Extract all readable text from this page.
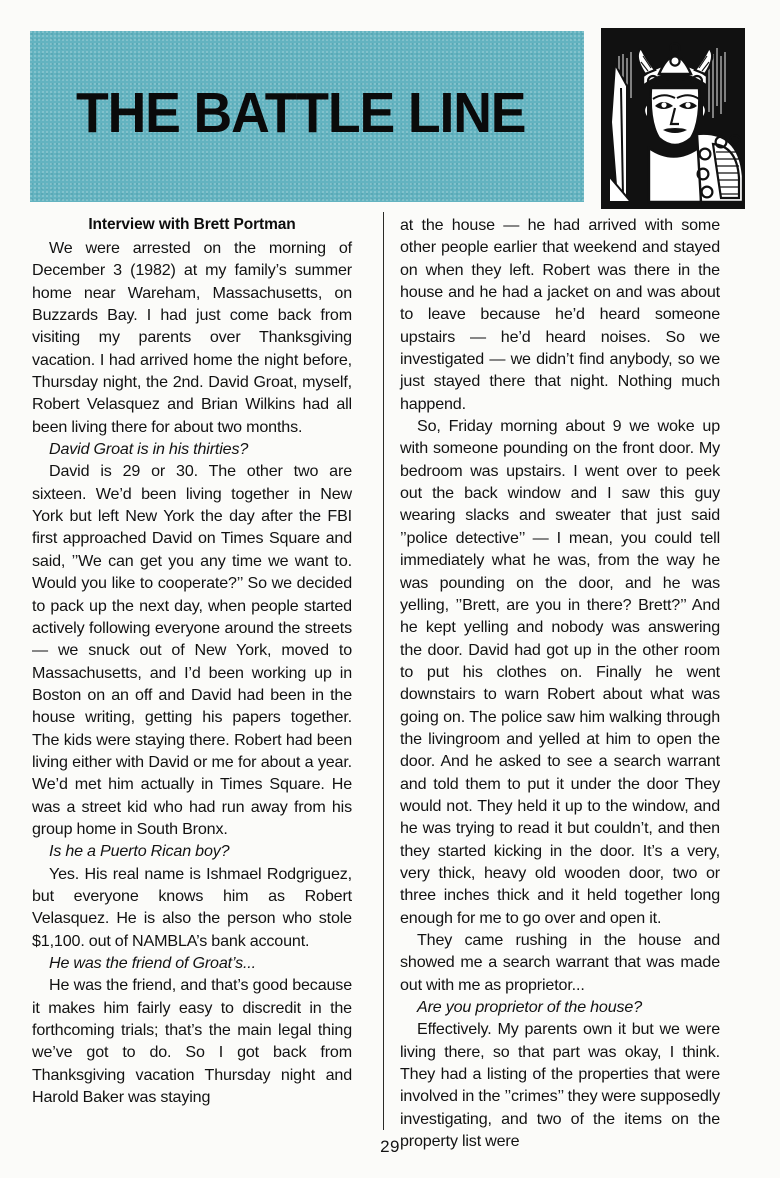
THE BATTLE LINE

Interview with Brett Portman

We were arrested on the morning of December 3 (1982) at my family’s summer home near Wareham, Massachusetts, on Buzzards Bay. I had just come back from visiting my parents over Thanksgiving vacation. I had arrived home the night before, Thursday night, the 2nd. David Groat, myself, Robert Velasquez and Brian Wilkins had all been living there for about two months.

David Groat is in his thirties?

David is 29 or 30. The other two are sixteen. We’d been living together in New York but left New York the day after the FBI first approached David on Times Square and said, ’’We can get you any time we want to. Would you like to cooperate?’’ So we decided to pack up the next day, when people started actively following everyone around the streets — we snuck out of New York, moved to Massachusetts, and I’d been working up in Boston on an off and David had been in the house writing, getting his papers together. The kids were staying there. Robert had been living either with David or me for about a year. We’d met him actually in Times Square. He was a street kid who had run away from his group home in South Bronx.

Is he a Puerto Rican boy?

Yes. His real name is Ishmael Rodgriguez, but everyone knows him as Robert Velasquez. He is also the person who stole $1,100. out of NAMBLA’s bank account.

He was the friend of Groat’s...

He was the friend, and that’s good because it makes him fairly easy to discredit in the forthcoming trials; that’s the main legal thing we’ve got to do. So I got back from Thanksgiving vacation Thursday night and Harold Baker was staying

at the house — he had arrived with some other people earlier that weekend and stayed on when they left. Robert was there in the house and he had a jacket on and was about to leave because he’d heard someone upstairs — he’d heard noises. So we investigated — we didn’t find anybody, so we just stayed there that night. Nothing much happend.

So, Friday morning about 9 we woke up with someone pounding on the front door. My bedroom was upstairs. I went over to peek out the back window and I saw this guy wearing slacks and sweater that just said ’’police detective’’ — I mean, you could tell immediately what he was, from the way he was pounding on the door, and he was yelling, ’’Brett, are you in there? Brett?’’ And he kept yelling and nobody was answering the door. David had got up in the other room to put his clothes on. Finally he went downstairs to warn Robert about what was going on. The police saw him walking through the livingroom and yelled at him to open the door. And he asked to see a search warrant and told them to put it under the door They would not. They held it up to the window, and he was trying to read it but couldn’t, and then they started kicking in the door. It’s a very, very thick, heavy old wooden door, two or three inches thick and it held together long enough for me to go over and open it.

They came rushing in the house and showed me a search warrant that was made out with me as proprietor...

Are you proprietor of the house?

Effectively. My parents own it but we were living there, so that part was okay, I think. They had a listing of the properties that were involved in the ’’crimes’’ they were supposedly investigating, and two of the items on the property list were

29
